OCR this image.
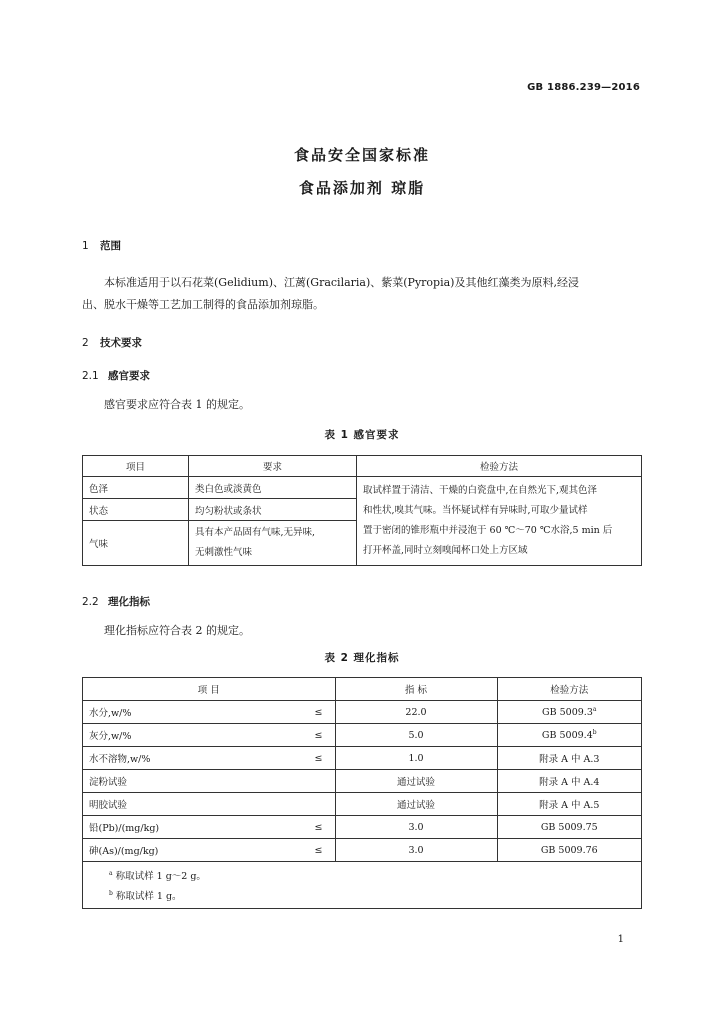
GB 1886.239—2016
食品安全国家标准
食品添加剂 琼脂
1 范围
本标准适用于以石花菜(Gelidium)、江蓠(Gracilaria)、紫菜(Pyropia)及其他红藻类为原料,经浸
出、脱水干燥等工艺加工制得的食品添加剂琼脂。
2 技术要求
2.1 感官要求
感官要求应符合表 1 的规定。
表 1 感官要求
项目	要求	检验方法
色泽	类白色或淡黄色	取试样置于清洁、干燥的白瓷盘中,在自然光下,观其色泽
和性状,嗅其气味。当怀疑试样有异味时,可取少量试样
置于密闭的锥形瓶中并浸泡于 60 ℃～70 ℃水浴,5 min 后
打开杯盖,同时立刻嗅闻杯口处上方区域

状态	均匀粉状或条状	
气味	具有本产品固有气味,无异味,
无刺激性气味	
2.2 理化指标
理化指标应符合表 2 的规定。
表 2 理化指标
项 目		指 标	检验方法
水分,w/%	≤	22.0	GB 5009.3$^a$
灰分,w/%	≤	5.0	GB 5009.4$^b$
水不溶物,w/%	≤	1.0	附录 A 中 A.3
淀粉试验		通过试验	附录 A 中 A.4
明胶试验		通过试验	附录 A 中 A.5
铅(Pb)/(mg/kg)	≤	3.0	GB 5009.75
砷(As)/(mg/kg)	≤	3.0	GB 5009.76

$^a$ 称取试样 1 g～2 g。
$^b$ 称取试样 1 g。			
1
